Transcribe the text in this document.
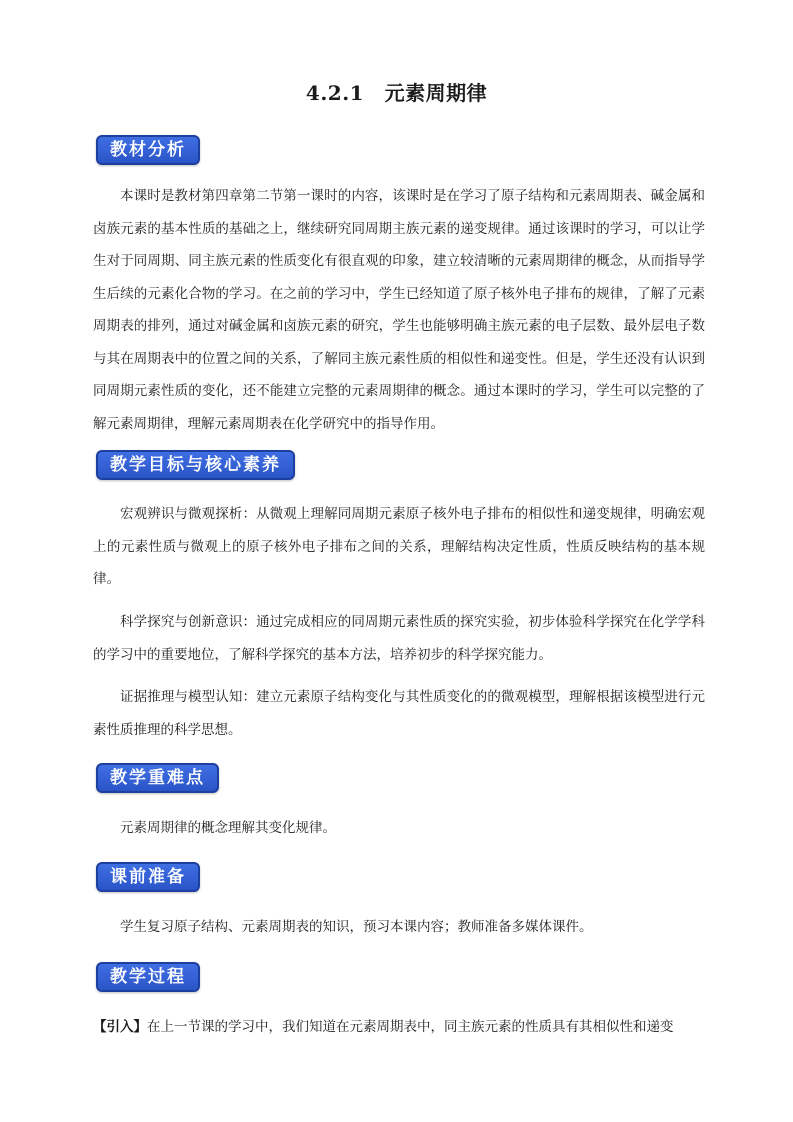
4.2.1　元素周期律
教材分析

本课时是教材第四章第二节第一课时的内容，该课时是在学习了原子结构和元素周期表、碱金属和卤族元素的基本性质的基础之上，继续研究同周期主族元素的递变规律。通过该课时的学习，可以让学生对于同周期、同主族元素的性质变化有很直观的印象，建立较清晰的元素周期律的概念，从而指导学生后续的元素化合物的学习。在之前的学习中，学生已经知道了原子核外电子排布的规律，了解了元素周期表的排列，通过对碱金属和卤族元素的研究，学生也能够明确主族元素的电子层数、最外层电子数与其在周期表中的位置之间的关系，了解同主族元素性质的相似性和递变性。但是，学生还没有认识到同周期元素性质的变化，还不能建立完整的元素周期律的概念。通过本课时的学习，学生可以完整的了解元素周期律，理解元素周期表在化学研究中的指导作用。

教学目标与核心素养

宏观辨识与微观探析：从微观上理解同周期元素原子核外电子排布的相似性和递变规律，明确宏观上的元素性质与微观上的原子核外电子排布之间的关系，理解结构决定性质，性质反映结构的基本规律。

科学探究与创新意识：通过完成相应的同周期元素性质的探究实验，初步体验科学探究在化学学科的学习中的重要地位，了解科学探究的基本方法，培养初步的科学探究能力。

证据推理与模型认知：建立元素原子结构变化与其性质变化的的微观模型，理解根据该模型进行元素性质推理的科学思想。

教学重难点

元素周期律的概念理解其变化规律。

课前准备

学生复习原子结构、元素周期表的知识，预习本课内容；教师准备多媒体课件。

教学过程

【引入】在上一节课的学习中，我们知道在元素周期表中，同主族元素的性质具有其相似性和递变
